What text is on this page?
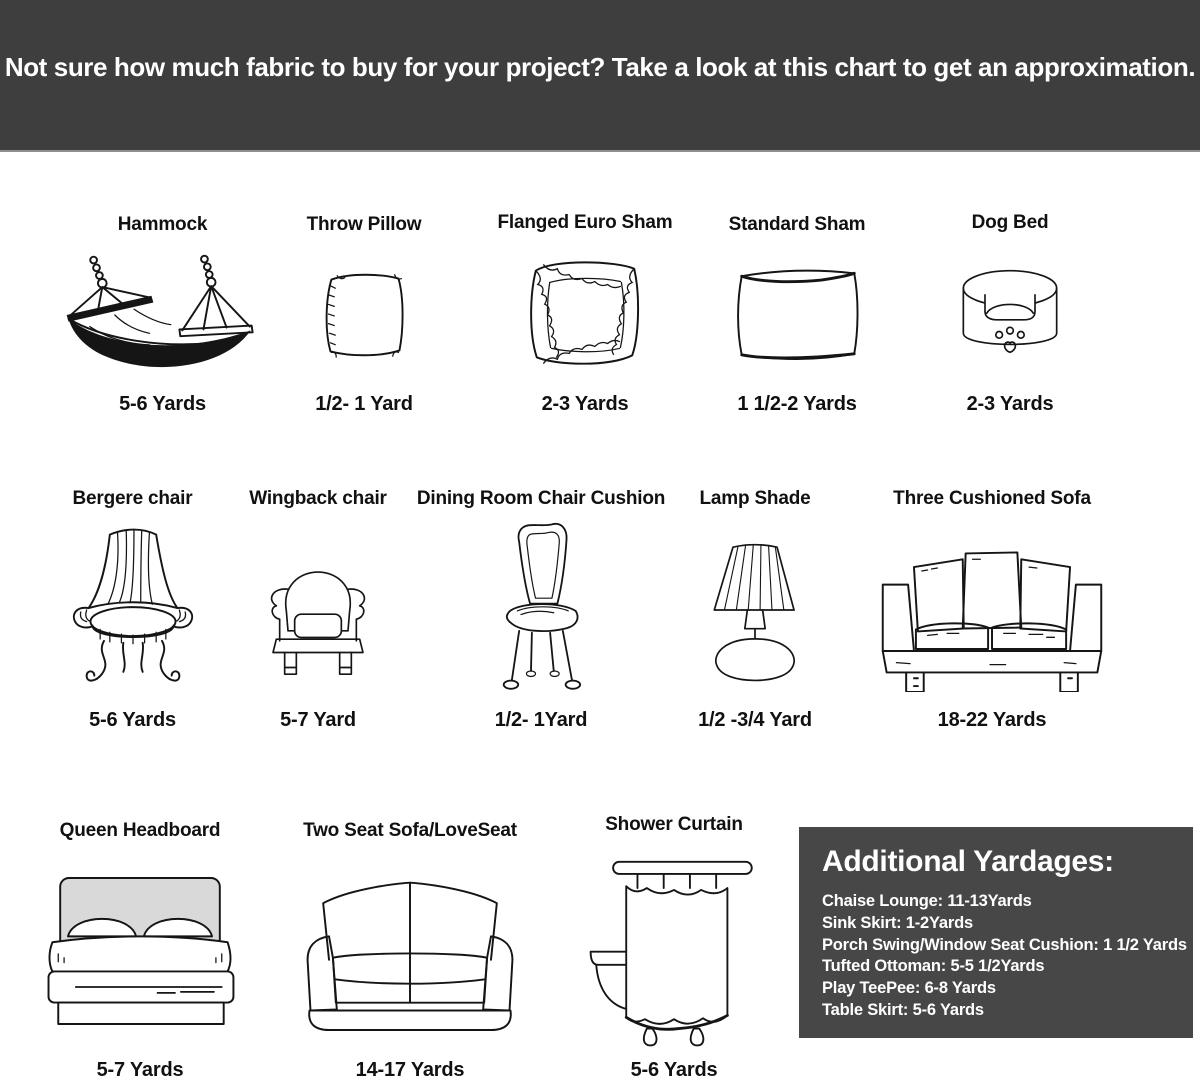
Not sure how much fabric to buy for your project? Take a look at this chart to get an approximation.

Hammock
5-6 Yards
Throw Pillow
1/2- 1 Yard
Flanged Euro Sham
2-3 Yards
Standard Sham
1 1/2-2 Yards
Dog Bed
2-3 Yards
Bergere chair
5-6 Yards
Wingback chair
5-7 Yard
Dining Room Chair Cushion
1/2- 1Yard
Lamp Shade
1/2 -3/4 Yard
Three Cushioned Sofa
18-22 Yards
Queen Headboard
5-7 Yards
Two Seat Sofa/LoveSeat
14-17 Yards
Shower Curtain
5-6 Yards
Additional Yardages:
Chaise Lounge: 11-13Yards
Sink Skirt: 1-2Yards
Porch Swing/Window Seat Cushion: 1 1/2 Yards
Tufted Ottoman: 5-5 1/2Yards
Play TeePee: 6-8 Yards
Table Skirt: 5-6 Yards
